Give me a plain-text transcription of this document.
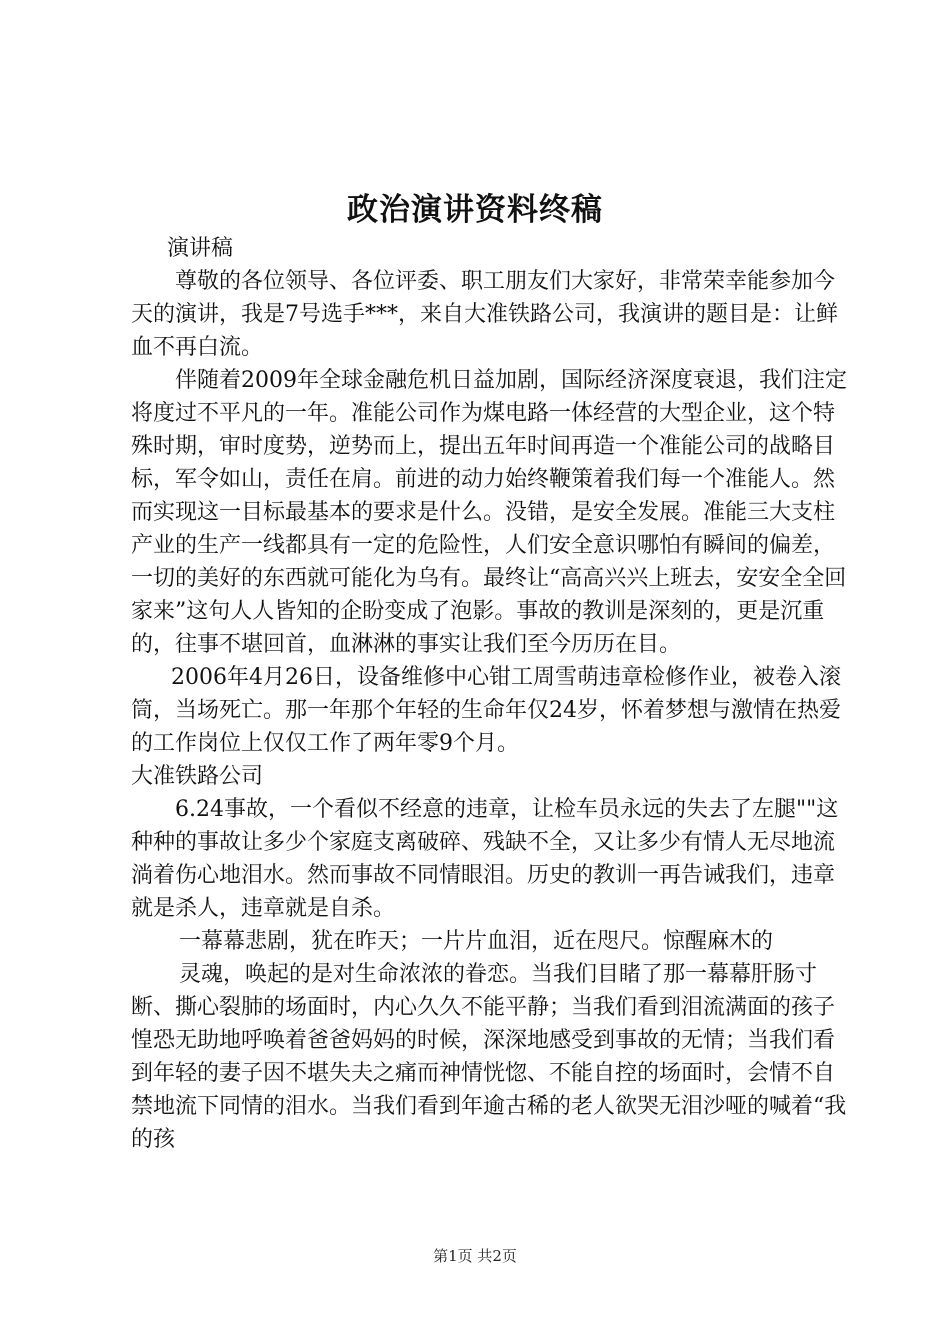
政治演讲资料终稿

演讲稿

尊敬的各位领导、各位评委、职工朋友们大家好，非常荣幸能参加今天的演讲，我是7号选手***，来自大准铁路公司，我演讲的题目是：让鲜血不再白流。

伴随着2009年全球金融危机日益加剧，国际经济深度衰退，我们注定将度过不平凡的一年。准能公司作为煤电路一体经营的大型企业，这个特殊时期，审时度势，逆势而上，提出五年时间再造一个准能公司的战略目标，军令如山，责任在肩。前进的动力始终鞭策着我们每一个准能人。然而实现这一目标最基本的要求是什么。没错，是安全发展。准能三大支柱产业的生产一线都具有一定的危险性，人们安全意识哪怕有瞬间的偏差，一切的美好的东西就可能化为乌有。最终让“高高兴兴上班去，安安全全回家来”这句人人皆知的企盼变成了泡影。事故的教训是深刻的，更是沉重的，往事不堪回首，血淋淋的事实让我们至今历历在目。

2006年4月26日，设备维修中心钳工周雪萌违章检修作业，被卷入滚筒，当场死亡。那一年那个年轻的生命年仅24岁，怀着梦想与激情在热爱的工作岗位上仅仅工作了两年零9个月。

大准铁路公司

6.24事故，一个看似不经意的违章，让检车员永远的失去了左腿""这种种的事故让多少个家庭支离破碎、残缺不全，又让多少有情人无尽地流淌着伤心地泪水。然而事故不同情眼泪。历史的教训一再告诫我们，违章就是杀人，违章就是自杀。

一幕幕悲剧，犹在昨天；一片片血泪，近在咫尺。惊醒麻木的

灵魂，唤起的是对生命浓浓的眷恋。当我们目睹了那一幕幕肝肠寸断、撕心裂肺的场面时，内心久久不能平静；当我们看到泪流满面的孩子惶恐无助地呼唤着爸爸妈妈的时候，深深地感受到事故的无情；当我们看到年轻的妻子因不堪失夫之痛而神情恍惚、不能自控的场面时，会情不自禁地流下同情的泪水。当我们看到年逾古稀的老人欲哭无泪沙哑的喊着“我的孩

第1页 共2页
